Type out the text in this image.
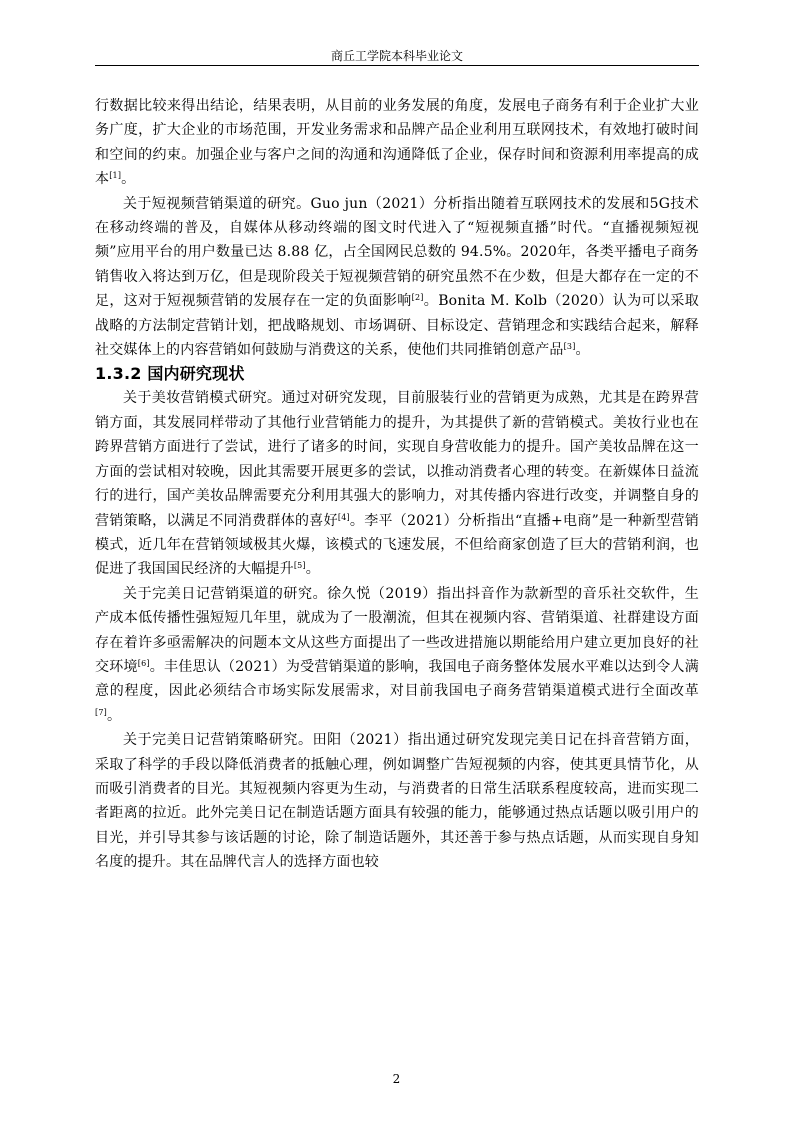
商丘工学院本科毕业论文

行数据比较来得出结论，结果表明，从目前的业务发展的角度，发展电子商务有利于企业扩大业务广度，扩大企业的市场范围，开发业务需求和品牌产品企业利用互联网技术，有效地打破时间和空间的约束。加强企业与客户之间的沟通和沟通降低了企业，保存时间和资源利用率提高的成本[1]。

关于短视频营销渠道的研究。Guo jun（2021）分析指出随着互联网技术的发展和5G技术在移动终端的普及，自媒体从移动终端的图文时代进入了“短视频直播”时代。“直播视频短视频”应用平台的用户数量已达 8.88 亿，占全国网民总数的 94.5%。2020年，各类平播电子商务销售收入将达到万亿，但是现阶段关于短视频营销的研究虽然不在少数，但是大都存在一定的不足，这对于短视频营销的发展存在一定的负面影响[2]。Bonita M. Kolb（2020）认为可以采取战略的方法制定营销计划，把战略规划、市场调研、目标设定、营销理念和实践结合起来，解释社交媒体上的内容营销如何鼓励与消费这的关系，使他们共同推销创意产品[3]。

1.3.2 国内研究现状

关于美妆营销模式研究。通过对研究发现，目前服装行业的营销更为成熟，尤其是在跨界营销方面，其发展同样带动了其他行业营销能力的提升，为其提供了新的营销模式。美妆行业也在跨界营销方面进行了尝试，进行了诸多的时间，实现自身营收能力的提升。国产美妆品牌在这一方面的尝试相对较晚，因此其需要开展更多的尝试，以推动消费者心理的转变。在新媒体日益流行的进行，国产美妆品牌需要充分利用其强大的影响力，对其传播内容进行改变，并调整自身的营销策略，以满足不同消费群体的喜好[4]。李平（2021）分析指出“直播+电商”是一种新型营销模式，近几年在营销领域极其火爆，该模式的飞速发展，不但给商家创造了巨大的营销利润，也促进了我国国民经济的大幅提升[5]。

关于完美日记营销渠道的研究。徐久悦（2019）指出抖音作为款新型的音乐社交软件，生产成本低传播性强短短几年里，就成为了一股潮流，但其在视频内容、营销渠道、社群建设方面存在着许多亟需解决的问题本文从这些方面提出了一些改进措施以期能给用户建立更加良好的社交环境[6]。丰佳思认（2021）为受营销渠道的影响，我国电子商务整体发展水平难以达到令人满意的程度，因此必须结合市场实际发展需求，对目前我国电子商务营销渠道模式进行全面改革[7]。

关于完美日记营销策略研究。田阳（2021）指出通过研究发现完美日记在抖音营销方面，采取了科学的手段以降低消费者的抵触心理，例如调整广告短视频的内容，使其更具情节化，从而吸引消费者的目光。其短视频内容更为生动，与消费者的日常生活联系程度较高，进而实现二者距离的拉近。此外完美日记在制造话题方面具有较强的能力，能够通过热点话题以吸引用户的目光，并引导其参与该话题的讨论，除了制造话题外，其还善于参与热点话题，从而实现自身知名度的提升。其在品牌代言人的选择方面也较

2
